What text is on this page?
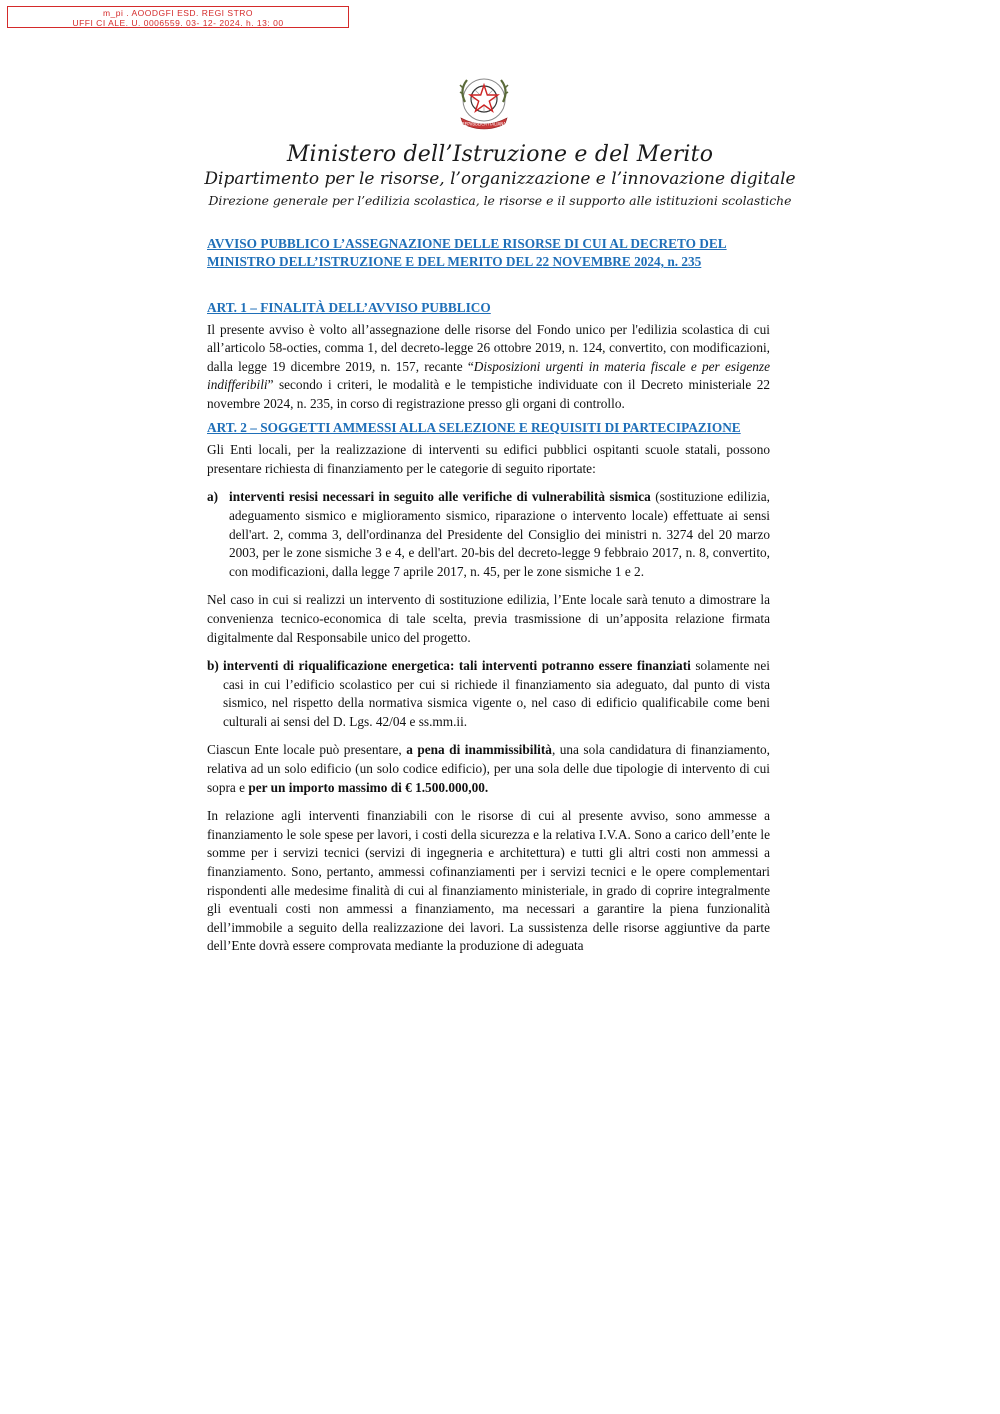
m_pi . AOODGFI ESD. REGI STRO
UFFI CI ALE. U. 0006559. 03- 12- 2024. h. 13: 00
REPVBBLICA ITALIANA
Ministero dell’Istruzione e del Merito
Dipartimento per le risorse, l’organizzazione e l’innovazione digitale
Direzione generale per l’edilizia scolastica, le risorse e il supporto alle istituzioni scolastiche
AVVISO PUBBLICO L’ASSEGNAZIONE DELLE RISORSE DI CUI AL DECRETO DEL MINISTRO DELL’ISTRUZIONE E DEL MERITO DEL 22 NOVEMBRE 2024, n. 235
ART. 1 – FINALITÀ DELL’AVVISO PUBBLICO

Il presente avviso è volto all’assegnazione delle risorse del Fondo unico per l'edilizia scolastica di cui all’articolo 58-octies, comma 1, del decreto-legge 26 ottobre 2019, n. 124, convertito, con modificazioni, dalla legge 19 dicembre 2019, n. 157, recante “Disposizioni urgenti in materia fiscale e per esigenze indifferibili” secondo i criteri, le modalità e le tempistiche individuate con il Decreto ministeriale 22 novembre 2024, n. 235, in corso di registrazione presso gli organi di controllo.

ART. 2 – SOGGETTI AMMESSI ALLA SELEZIONE E REQUISITI DI PARTECIPAZIONE

Gli Enti locali, per la realizzazione di interventi su edifici pubblici ospitanti scuole statali, possono presentare richiesta di finanziamento per le categorie di seguito riportate:

a) interventi resisi necessari in seguito alle verifiche di vulnerabilità sismica (sostituzione edilizia, adeguamento sismico e miglioramento sismico, riparazione o intervento locale) effettuate ai sensi dell'art. 2, comma 3, dell'ordinanza del Presidente del Consiglio dei ministri n. 3274 del 20 marzo 2003, per le zone sismiche 3 e 4, e dell'art. 20-bis del decreto-legge 9 febbraio 2017, n. 8, convertito, con modificazioni, dalla legge 7 aprile 2017, n. 45, per le zone sismiche 1 e 2.

Nel caso in cui si realizzi un intervento di sostituzione edilizia, l’Ente locale sarà tenuto a dimostrare la convenienza tecnico-economica di tale scelta, previa trasmissione di un’apposita relazione firmata digitalmente dal Responsabile unico del progetto.

b) interventi di riqualificazione energetica: tali interventi potranno essere finanziati solamente nei casi in cui l’edificio scolastico per cui si richiede il finanziamento sia adeguato, dal punto di vista sismico, nel rispetto della normativa sismica vigente o, nel caso di edificio qualificabile come beni culturali ai sensi del D. Lgs. 42/04 e ss.mm.ii.

Ciascun Ente locale può presentare, a pena di inammissibilità, una sola candidatura di finanziamento, relativa ad un solo edificio (un solo codice edificio), per una sola delle due tipologie di intervento di cui sopra e per un importo massimo di € 1.500.000,00.

In relazione agli interventi finanziabili con le risorse di cui al presente avviso, sono ammesse a finanziamento le sole spese per lavori, i costi della sicurezza e la relativa I.V.A. Sono a carico dell’ente le somme per i servizi tecnici (servizi di ingegneria e architettura) e tutti gli altri costi non ammessi a finanziamento. Sono, pertanto, ammessi cofinanziamenti per i servizi tecnici e le opere complementari rispondenti alle medesime finalità di cui al finanziamento ministeriale, in grado di coprire integralmente gli eventuali costi non ammessi a finanziamento, ma necessari a garantire la piena funzionalità dell’immobile a seguito della realizzazione dei lavori. La sussistenza delle risorse aggiuntive da parte dell’Ente dovrà essere comprovata mediante la produzione di adeguata
